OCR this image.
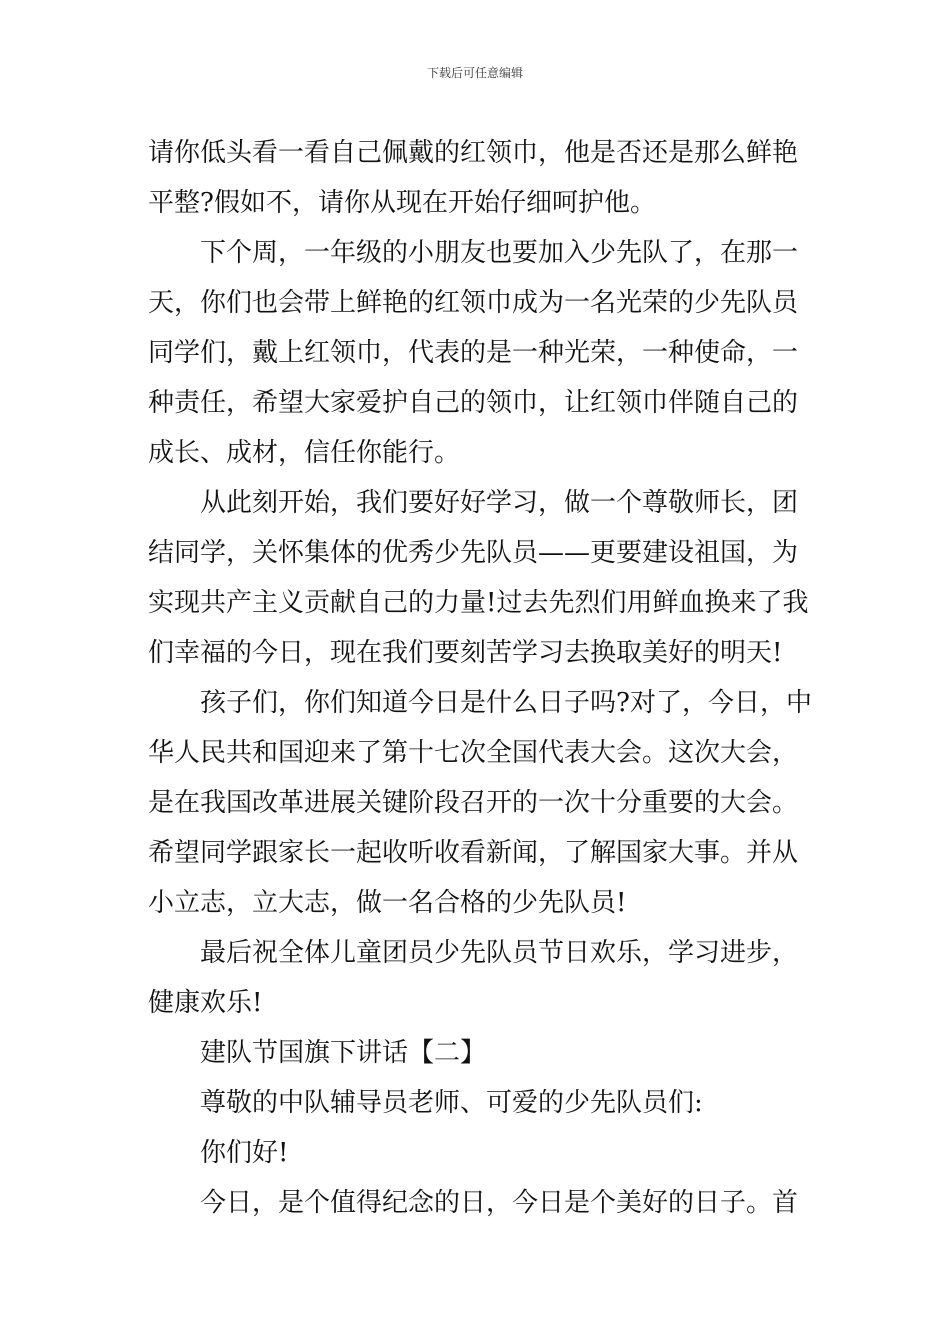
下载后可任意编辑

请你低头看一看自己佩戴的红领巾，他是否还是那么鲜艳
平整?假如不，请你从现在开始仔细呵护他。

下个周，一年级的小朋友也要加入少先队了，在那一
天，你们也会带上鲜艳的红领巾成为一名光荣的少先队员
同学们，戴上红领巾，代表的是一种光荣，一种使命，一
种责任，希望大家爱护自己的领巾，让红领巾伴随自己的
成长、成材，信任你能行。

从此刻开始，我们要好好学习，做一个尊敬师长，团
结同学，关怀集体的优秀少先队员——更要建设祖国，为
实现共产主义贡献自己的力量!过去先烈们用鲜血换来了我
们幸福的今日，现在我们要刻苦学习去换取美好的明天!

孩子们，你们知道今日是什么日子吗?对了，今日，中
华人民共和国迎来了第十七次全国代表大会。这次大会，
是在我国改革进展关键阶段召开的一次十分重要的大会。
希望同学跟家长一起收听收看新闻，了解国家大事。并从
小立志，立大志，做一名合格的少先队员!

最后祝全体儿童团员少先队员节日欢乐，学习进步，
健康欢乐!

建队节国旗下讲话【二】

尊敬的中队辅导员老师、可爱的少先队员们:

你们好!

今日，是个值得纪念的日，今日是个美好的日子。首
